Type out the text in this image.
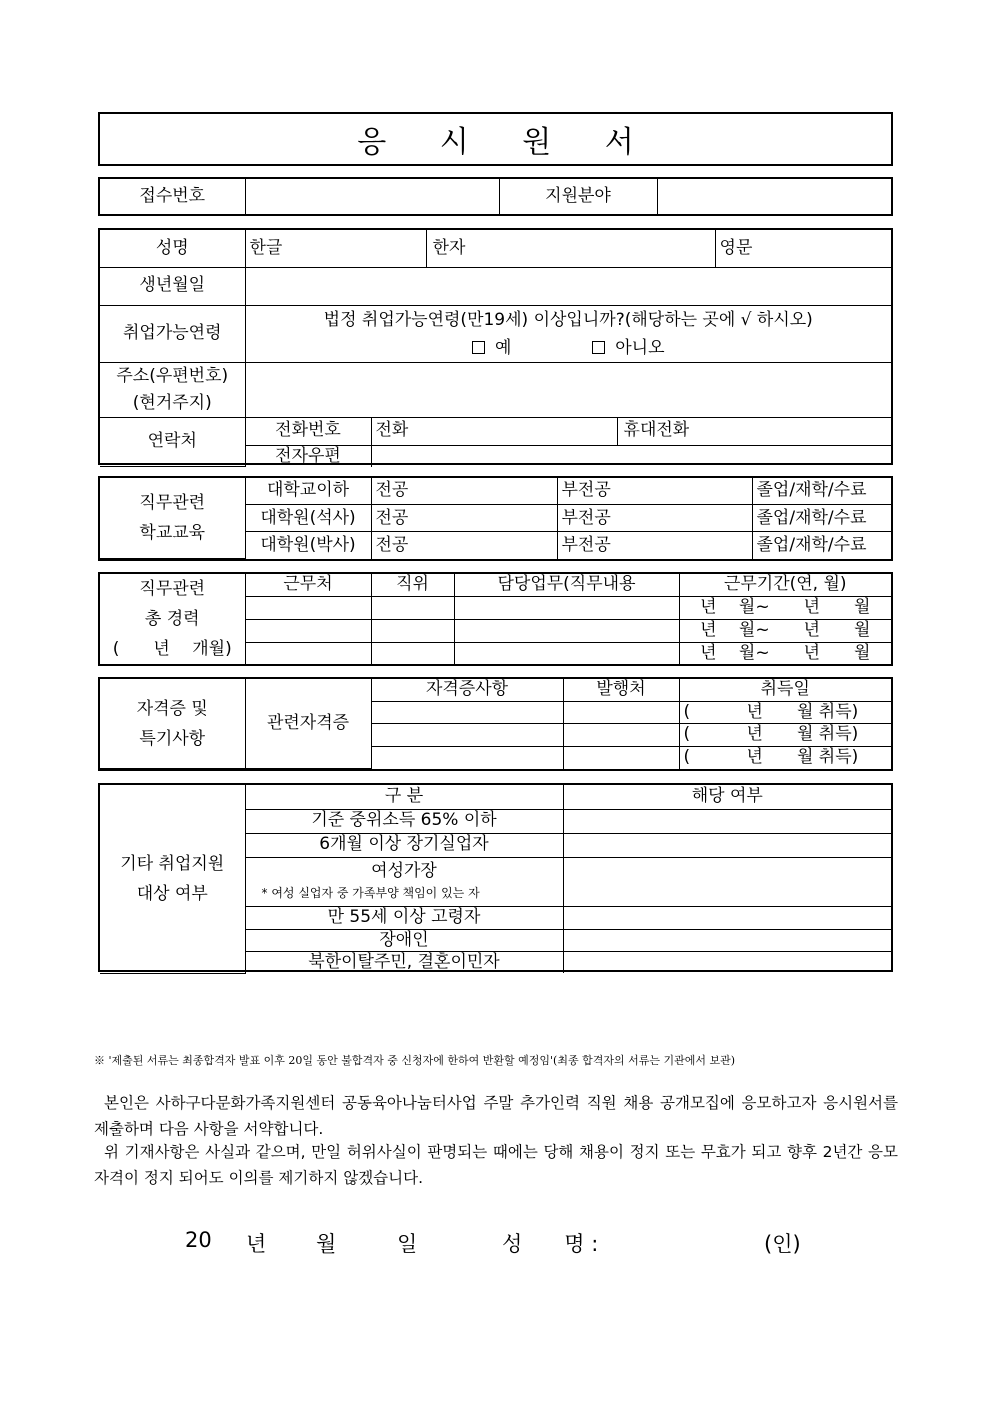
응 시 원 서
접수번호		지원분야	
성명	한글		한자		영문
생년월일					
취업가능연령	법정 취업가능연령(만19세) 이상입니까?(해당하는 곳에 √ 하시오)
예 아니오				

주소(우편번호)
(현거주지)					

연락처	전화번호	전화		휴대전화	
	전자우편				
직무관련
학교교육	대학교이하	전공	부전공	졸업/재학/수료
	대학원(석사)	전공	부전공	졸업/재학/수료
	대학원(박사)	전공	부전공	졸업/재학/수료
직무관련
총 경력
(　　년　 개월)	근무처	직위	담당업무(직무내용	근무기간(연, 월)
				년　 월~　　년　　월
				년　 월~　　년　　월
				년　 월~　　년　　월
자격증 및
특기사항	관련자격증	자격증사항	발행처	취득일
				(　　　 년　　월 취득)
				(　　　 년　　월 취득)
				(　　　 년　　월 취득)
기타 취업지원
대상 여부	구 분	해당 여부
	기준 중위소득 65% 이하	
	6개월 이상 장기실업자	

	여성가장
* 여성 실업자 중 가족부양 책임이 있는 자	

	만 55세 이상 고령자	
	장애인	
	북한이탈주민, 결혼이민자	
※ '제출된 서류는 최종합격자 발표 이후 20일 동안 불합격자 중 신청자에 한하여 반환할 예정임'(최종 합격자의 서류는 기관에서 보관)
본인은 사하구다문화가족지원센터 공동육아나눔터사업 주말 추가인력 직원 채용 공개모집에 응모하고자 응시원서를 제출하며 다음 사항을 서약합니다.
위 기재사항은 사실과 같으며, 만일 허위사실이 판명되는 때에는 당해 채용이 정지 또는 무효가 되고 향후 2년간 응모자격이 정지 되어도 이의를 제기하지 않겠습니다.
20 년 월	일	성　　명 :	(인)
